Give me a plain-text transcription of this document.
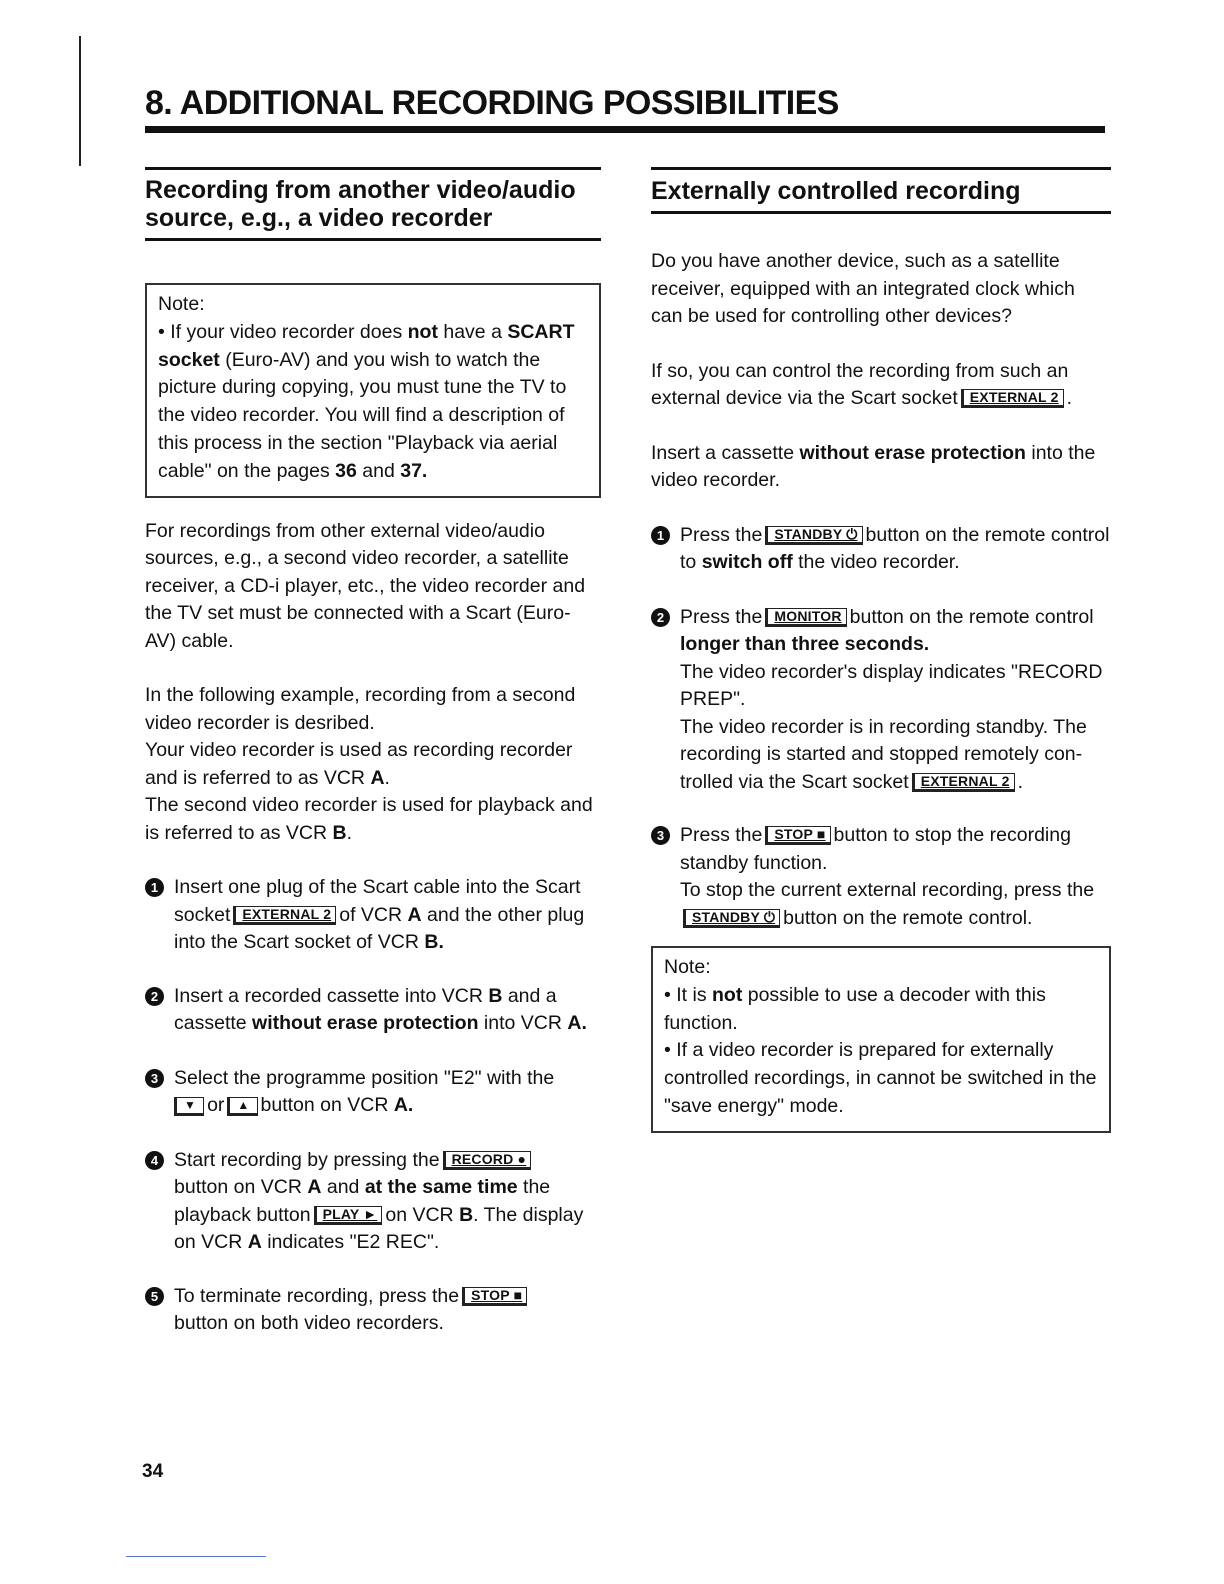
8. ADDITIONAL RECORDING POSSIBILITIES
Recording from another video/audio
source, e.g., a video recorder

Note:

• If your video recorder does not have a SCART socket (Euro-AV) and you wish to watch the picture during copying, you must tune the TV to the video recorder. You will find a description of this process in the section "Playback via aerial cable" on the pages 36 and 37.

For recordings from other external video/audio sources, e.g., a second video recorder, a satellite receiver, a CD-i player, etc., the video recorder and the TV set must be connected with a Scart (Euro-AV) cable.

In the following example, recording from a second video recorder is desribed.

Your video recorder is used as recording recorder and is referred to as VCR A.

The second video recorder is used for playback and is referred to as VCR B.

1 Insert one plug of the Scart cable into the Scart socket EXTERNAL 2 of VCR A and the other plug into the Scart socket of VCR B.

2 Insert a recorded cassette into VCR B and a cassette without erase protection into VCR A.

3 Select the programme position "E2" with the
▼ or ▲ button on VCR A.

4 Start recording by pressing the RECORD ●
button on VCR A and at the same time the playback button PLAY ► on VCR B. The display on VCR A indicates "E2 REC".

5 To terminate recording, press the STOP ■
button on both video recorders.

Externally controlled recording

Do you have another device, such as a satellite receiver, equipped with an integrated clock which can be used for controlling other devices?

If so, you can control the recording from such an external device via the Scart socket EXTERNAL 2 .

Insert a cassette without erase protection into the video recorder.

1 Press the STANDBY ⏻ button on the remote control to switch off the video recorder.

2 Press the MONITOR button on the remote control longer than three seconds.

The video recorder's display indicates "RECORD PREP".

The video recorder is in recording standby. The recording is started and stopped remotely con-trolled via the Scart socket EXTERNAL 2 .

3 Press the STOP ■ button to stop the recording standby function.

To stop the current external recording, press theSTANDBY ⏻ button on the remote control.

Note:

• It is not possible to use a decoder with this function.

• If a video recorder is prepared for externally controlled recordings, in cannot be switched in the "save energy" mode.

34
